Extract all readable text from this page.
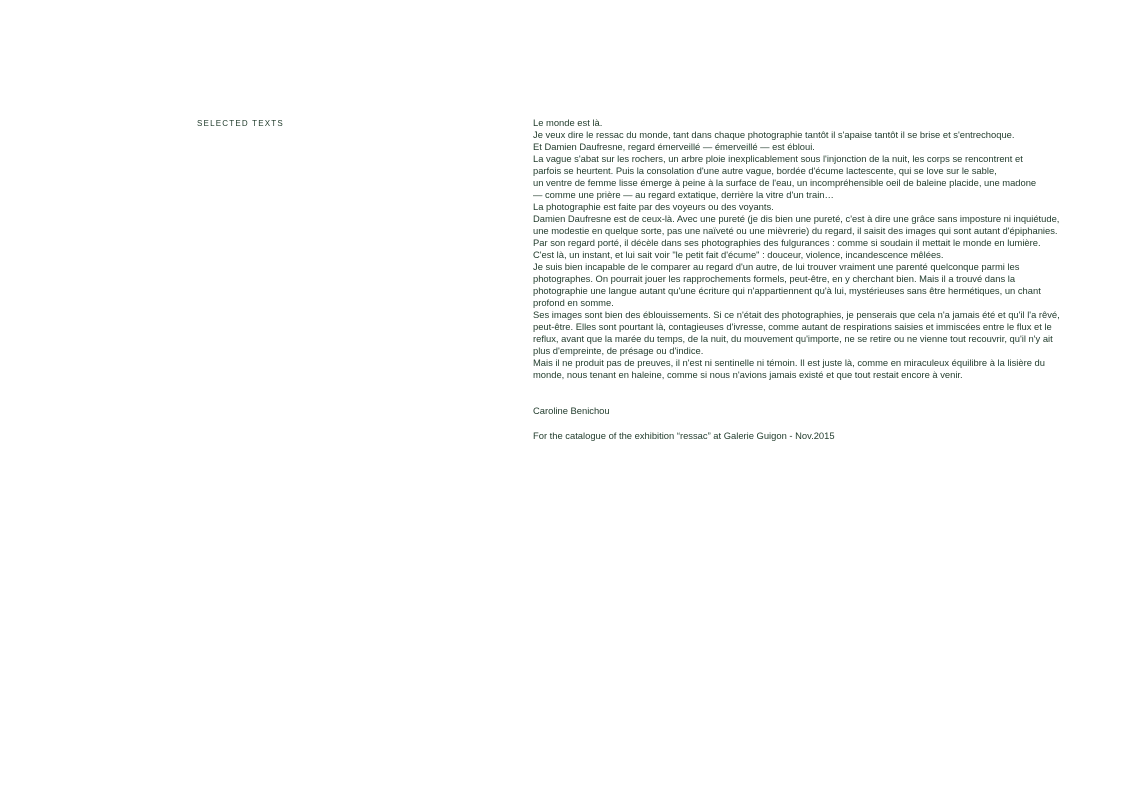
SELECTED TEXTS	Le monde est là.
Je veux dire le ressac du monde, tant dans chaque photographie tantôt il s'apaise tantôt il se brise et s'entrechoque.
Et Damien Daufresne, regard émerveillé — émerveillé — est ébloui.
La vague s'abat sur les rochers, un arbre ploie inexplicablement sous l'injonction de la nuit, les corps se rencontrent et
parfois se heurtent. Puis la consolation d'une autre vague, bordée d'écume lactescente, qui se love sur le sable,
un ventre de femme lisse émerge à peine à la surface de l'eau, un incompréhensible oeil de baleine placide, une madone
— comme une prière — au regard extatique, derrière la vitre d'un train…
La photographie est faite par des voyeurs ou des voyants.
Damien Daufresne est de ceux-là. Avec une pureté (je dis bien une pureté, c'est à dire une grâce sans imposture ni inquiétude,
une modestie en quelque sorte, pas une naïveté ou une mièvrerie) du regard, il saisit des images qui sont autant d'épiphanies.
Par son regard porté, il décèle dans ses photographies des fulgurances : comme si soudain il mettait le monde en lumière.
C'est là, un instant, et lui sait voir "le petit fait d'écume" : douceur, violence, incandescence mêlées.
Je suis bien incapable de le comparer au regard d'un autre, de lui trouver vraiment une parenté quelconque parmi les
photographes. On pourrait jouer les rapprochements formels, peut-être, en y cherchant bien. Mais il a trouvé dans la
photographie une langue autant qu'une écriture qui n'appartiennent qu'à lui, mystérieuses sans être hermétiques, un chant
profond en somme.
Ses images sont bien des éblouissements. Si ce n'était des photographies, je penserais que cela n'a jamais été et qu'il l'a rêvé,
peut-être. Elles sont pourtant là, contagieuses d'ivresse, comme autant de respirations saisies et immiscées entre le flux et le
reflux, avant que la marée du temps, de la nuit, du mouvement qu'importe, ne se retire ou ne vienne tout recouvrir, qu'il n'y ait
plus d'empreinte, de présage ou d'indice.
Mais il ne produit pas de preuves, il n'est ni sentinelle ni témoin. Il est juste là, comme en miraculeux équilibre à la lisière du
monde, nous tenant en haleine, comme si nous n'avions jamais existé et que tout restait encore à venir.
Caroline Benichou
For the catalogue of the exhibition “ressac” at Galerie Guigon - Nov.2015
